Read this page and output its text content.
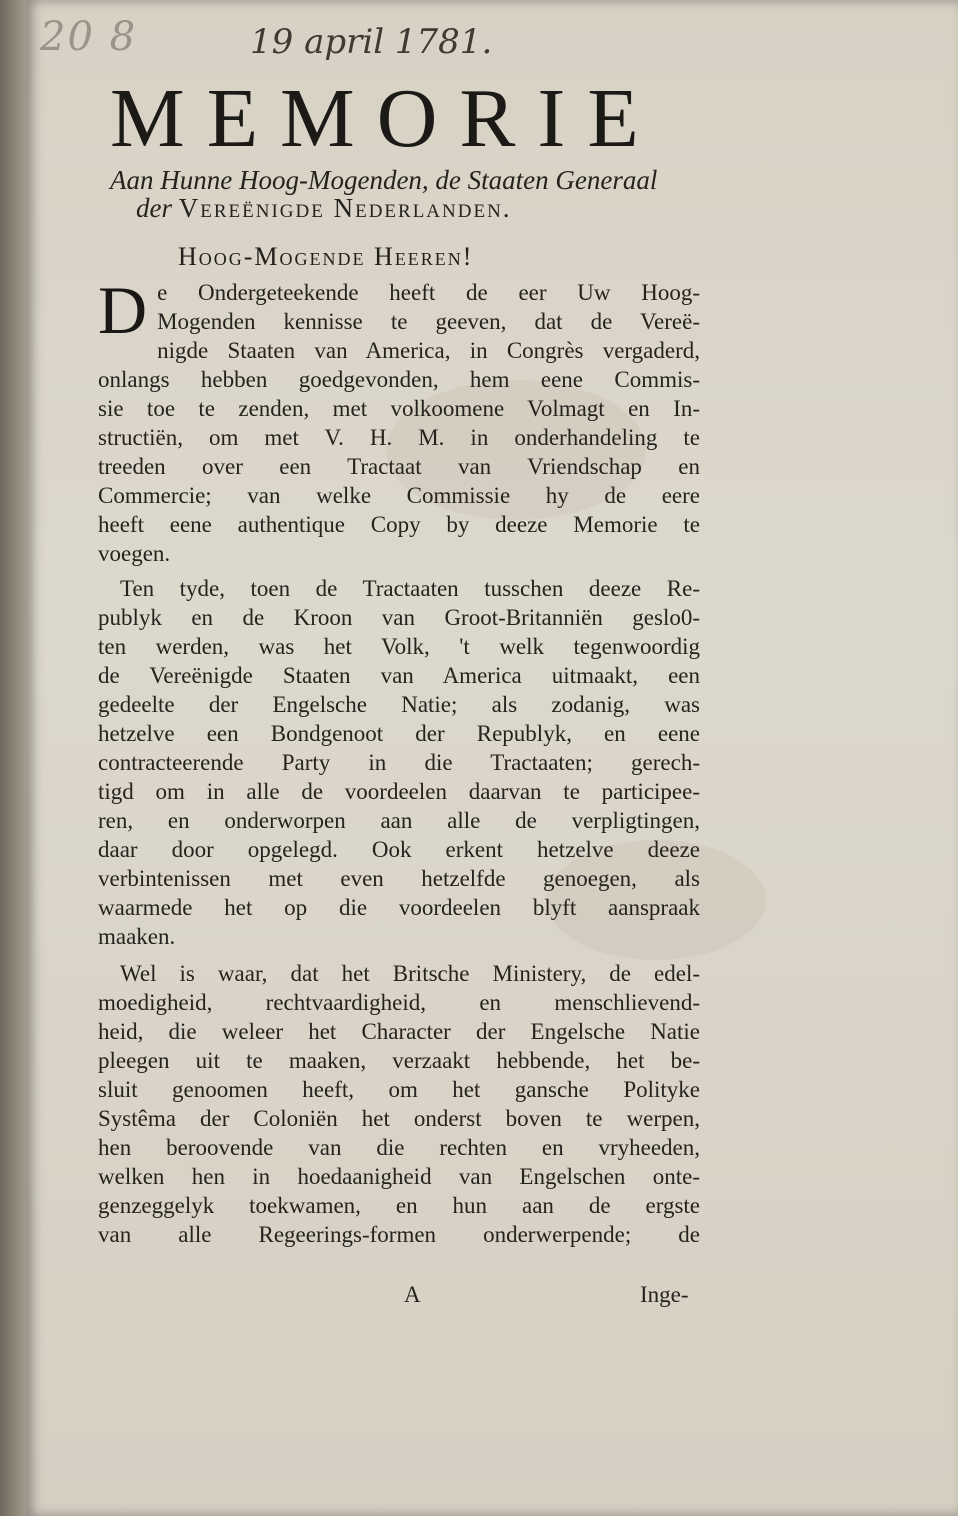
20 8	19 april 1781.
MEMORIE
Aan Hunne Hoog-Mogenden, de Staaten Generaal
der Vereënigde Nederlanden.
Hoog-Mogende Heeren!
D e Ondergeteekende heeft de eer Uw Hoog-
Mogenden kennisse te geeven, dat de Vereë-
nigde Staaten van America, in Congrès vergaderd,
onlangs hebben goedgevonden, hem eene Commis-
sie toe te zenden, met volkoomene Volmagt en In-
structiën, om met V. H. M. in onderhandeling te
treeden over een Tractaat van Vriendschap en
Commercie; van welke Commissie hy de eere
heeft eene authentique Copy by deeze Memorie te
voegen.
Ten tyde, toen de Tractaaten tusschen deeze Re-
publyk en de Kroon van Groot-Britanniën geslo0-
ten werden, was het Volk, 't welk tegenwoordig
de Vereënigde Staaten van America uitmaakt, een
gedeelte der Engelsche Natie; als zodanig, was
hetzelve een Bondgenoot der Republyk, en eene
contracteerende Party in die Tractaaten; gerech-
tigd om in alle de voordeelen daarvan te participee-
ren, en onderworpen aan alle de verpligtingen,
daar door opgelegd. Ook erkent hetzelve deeze
verbintenissen met even hetzelfde genoegen, als
waarmede het op die voordeelen blyft aanspraak
maaken.
Wel is waar, dat het Britsche Ministery, de edel-
moedigheid, rechtvaardigheid, en menschlievend-
heid, die weleer het Character der Engelsche Natie
pleegen uit te maaken, verzaakt hebbende, het be-
sluit genoomen heeft, om het gansche Polityke
Systêma der Coloniën het onderst boven te werpen,
hen beroovende van die rechten en vryheeden,
welken hen in hoedaanigheid van Engelschen onte-
genzeggelyk toekwamen, en hun aan de ergste
van alle Regeerings-formen onderwerpende; de
A	Inge-
